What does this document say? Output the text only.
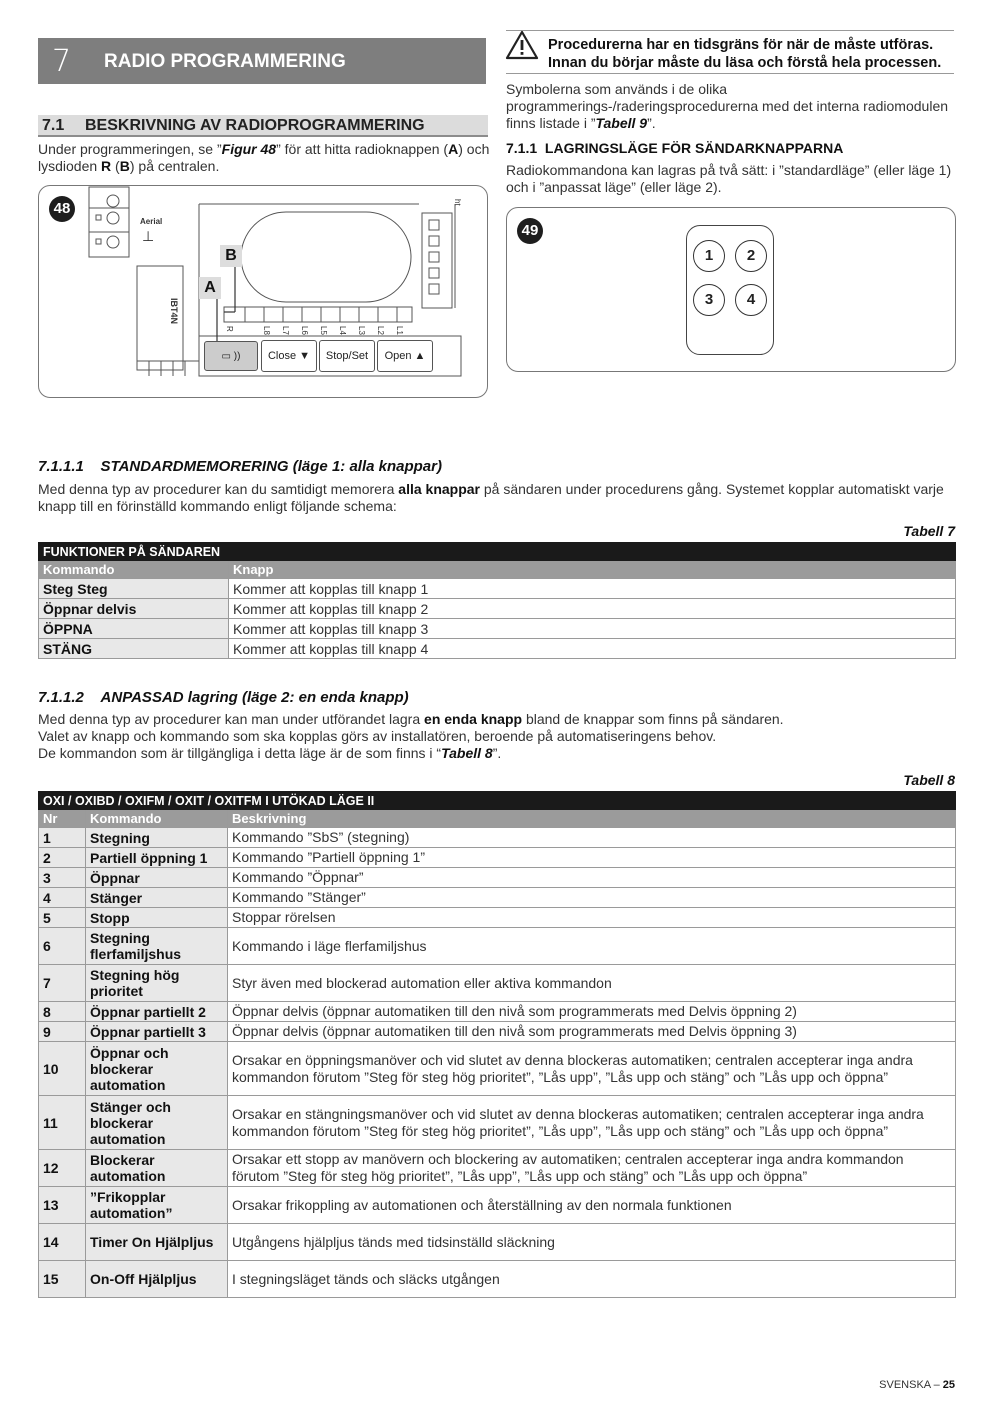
7 RADIO PROGRAMMERING
Procedurerna har en tidsgräns för när de måste utföras. Innan du börjar måste du läsa och förstå hela processen.
Symbolerna som används i de olika programmerings-/raderingsprocedurerna med det interna radiomodulen finns listade i ”Tabell 9”.
7.1 BESKRIVNING AV RADIOPROGRAMMERING
Under programmeringen, se ”Figur 48” för att hitta radioknappen (A) och lysdioden R (B) på centralen.
48
Aerial
⊥
IBT4N
ht
A
B
R	L8 L7 L6 L5 L4 L3 L2 L1
▭ ))	Close ▼	Stop/Set	Open ▲
7.1.1 LAGRINGSLÄGE FÖR SÄNDARKNAPPARNA
Radiokommandona kan lagras på två sätt: i ”standardläge” (eller läge 1) och i ”anpassat läge” (eller läge 2).
49
1	2
3	4
7.1.1.1 STANDARDMEMORERING (läge 1: alla knappar)
Med denna typ av procedurer kan du samtidigt memorera alla knappar på sändaren under procedurens gång. Systemet kopplar automatiskt varje knapp till en förinställd kommando enligt följande schema:
Tabell 7
FUNKTIONER PÅ SÄNDAREN	
Kommando	Knapp
Steg Steg	Kommer att kopplas till knapp 1
Öppnar delvis	Kommer att kopplas till knapp 2
ÖPPNA	Kommer att kopplas till knapp 3
STÄNG	Kommer att kopplas till knapp 4
7.1.1.2 ANPASSAD lagring (läge 2: en enda knapp)
Med denna typ av procedurer kan man under utförandet lagra en enda knapp bland de knappar som finns på sändaren.
Valet av knapp och kommando som ska kopplas görs av installatören, beroende på automatiseringens behov.
De kommandon som är tillgängliga i detta läge är de som finns i “Tabell 8”.
Tabell 8
OXI / OXIBD / OXIFM / OXIT / OXITFM I UTÖKAD LÄGE II		
Nr	Kommando	Beskrivning
1	Stegning	Kommando ”SbS” (stegning)
2	Partiell öppning 1	Kommando ”Partiell öppning 1”
3	Öppnar	Kommando ”Öppnar”
4	Stänger	Kommando ”Stänger”
5	Stopp	Stoppar rörelsen
6	Stegning flerfamiljshus	Kommando i läge flerfamiljshus
7	Stegning hög prioritet	Styr även med blockerad automation eller aktiva kommandon
8	Öppnar partiellt 2	Öppnar delvis (öppnar automatiken till den nivå som programmerats med Delvis öppning 2)
9	Öppnar partiellt 3	Öppnar delvis (öppnar automatiken till den nivå som programmerats med Delvis öppning 3)
10	Öppnar och blockerar automation	Orsakar en öppningsmanöver och vid slutet av denna blockeras automatiken; centralen accepterar inga andra kommandon förutom ”Steg för steg hög prioritet”, ”Lås upp”, ”Lås upp och stäng” och ”Lås upp och öppna”
11	Stänger och blockerar automation	Orsakar en stängningsmanöver och vid slutet av denna blockeras automatiken; centralen accepterar inga andra kommandon förutom ”Steg för steg hög prioritet”, ”Lås upp”, ”Lås upp och stäng” och ”Lås upp och öppna”
12	Blockerar automation	Orsakar ett stopp av manövern och blockering av automatiken; centralen accepterar inga andra kommandon förutom ”Steg för steg hög prioritet”, ”Lås upp”, ”Lås upp och stäng” och ”Lås upp och öppna”
13	”Frikopplar automation”	Orsakar frikoppling av automationen och återställning av den normala funktionen
14	Timer On Hjälpljus	Utgångens hjälpljus tänds med tidsinställd släckning
15	On-Off Hjälpljus	I stegningsläget tänds och släcks utgången
SVENSKA – 25
